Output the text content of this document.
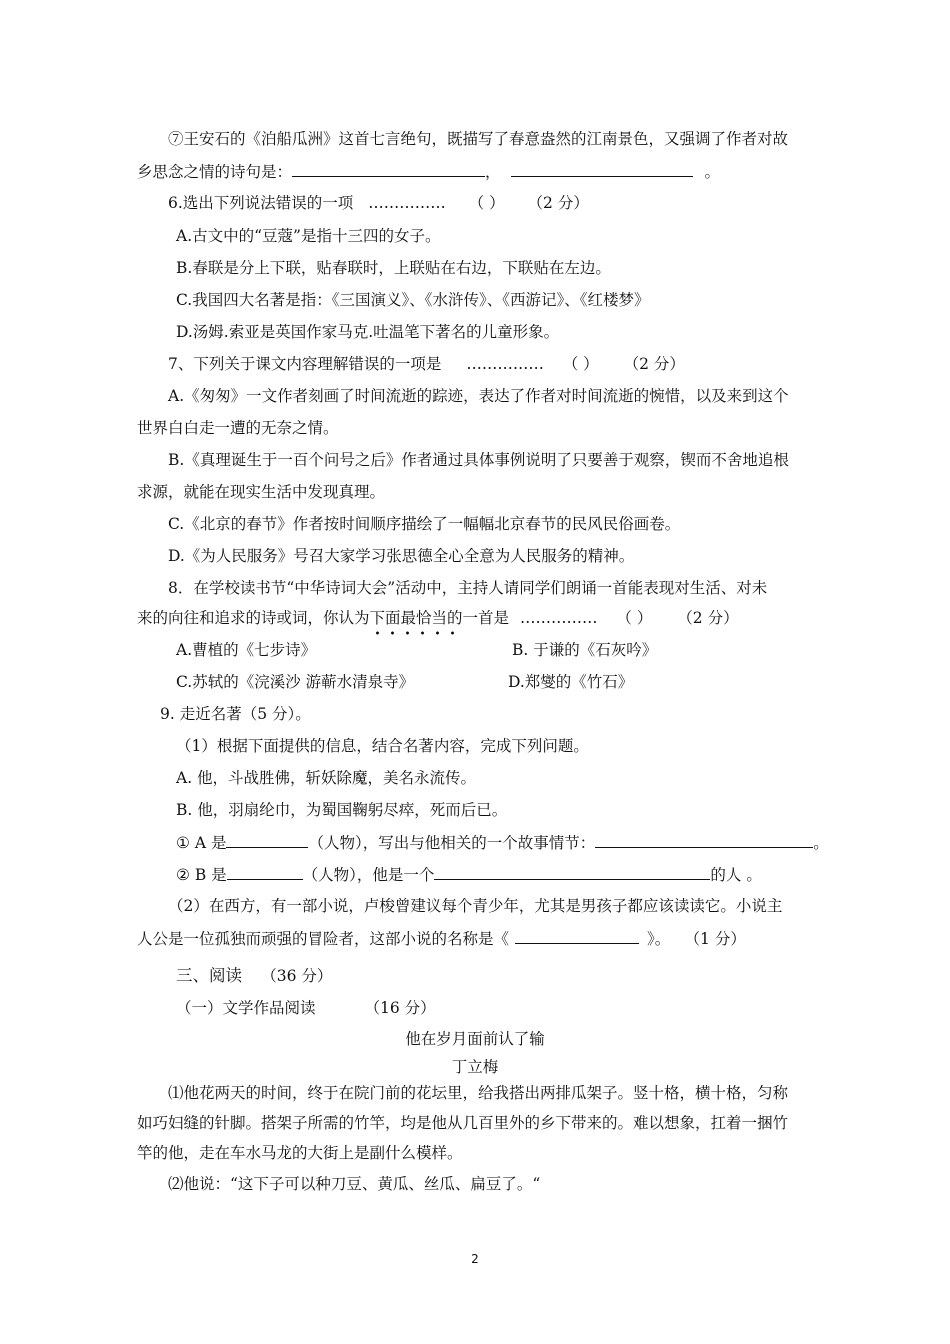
⑦王安石的《泊船瓜洲》这首七言绝句，既描写了春意盎然的江南景色，又强调了作者对故
乡思念之情的诗句是：	，	。
6.选出下列说法错误的一项 …………… （ ） （2 分）
A.古文中的“豆蔻”是指十三四的女子。
B.春联是分上下联，贴春联时，上联贴在右边，下联贴在左边。
C.我国四大名著是指：《三国演义》、《水浒传》、《西游记》、《红楼梦》
D.汤姆.索亚是英国作家马克.吐温笔下著名的儿童形象。
7、下列关于课文内容理解错误的一项是 …………… （ ） （2 分）
A.《匆匆》一文作者刻画了时间流逝的踪迹，表达了作者对时间流逝的惋惜，以及来到这个
世界白白走一遭的无奈之情。
B.《真理诞生于一百个问号之后》作者通过具体事例说明了只要善于观察，锲而不舍地追根
求源，就能在现实生活中发现真理。
C.《北京的春节》作者按时间顺序描绘了一幅幅北京春节的民风民俗画卷。
D.《为人民服务》号召大家学习张思德全心全意为人民服务的精神。
8．在学校读书节“中华诗词大会”活动中，主持人请同学们朗诵一首能表现对生活、对未
来的向往和追求的诗或词，你认为下面最恰当的一首是 …………… （ ） （2 分）
A.曹植的《七步诗》	B. 于谦的《石灰吟》
C.苏轼的《浣溪沙 游蕲水清泉寺》	D.郑燮的《竹石》
9. 走近名著（5 分）。
（1）根据下面提供的信息，结合名著内容，完成下列问题。
A. 他，斗战胜佛，斩妖除魔，美名永流传。
B. 他，羽扇纶巾，为蜀国鞠躬尽瘁，死而后已。
① A 是	（人物），写出与他相关的一个故事情节：	。
② B 是	（人物），他是一个	的人 。
（2）在西方，有一部小说，卢梭曾建议每个青少年，尤其是男孩子都应该读读它。小说主
人公是一位孤独而顽强的冒险者，这部小说的名称是《	》。 （1 分）
三、阅读 （36 分）
（一）文学作品阅读	（16 分）
他在岁月面前认了输
丁立梅
⑴他花两天的时间，终于在院门前的花坛里，给我搭出两排瓜架子。竖十格，横十格，匀称
如巧妇缝的针脚。搭架子所需的竹竿，均是他从几百里外的乡下带来的。难以想象，扛着一捆竹
竿的他，走在车水马龙的大街上是副什么模样。
⑵他说：“这下子可以种刀豆、黄瓜、丝瓜、扁豆了。“
2
